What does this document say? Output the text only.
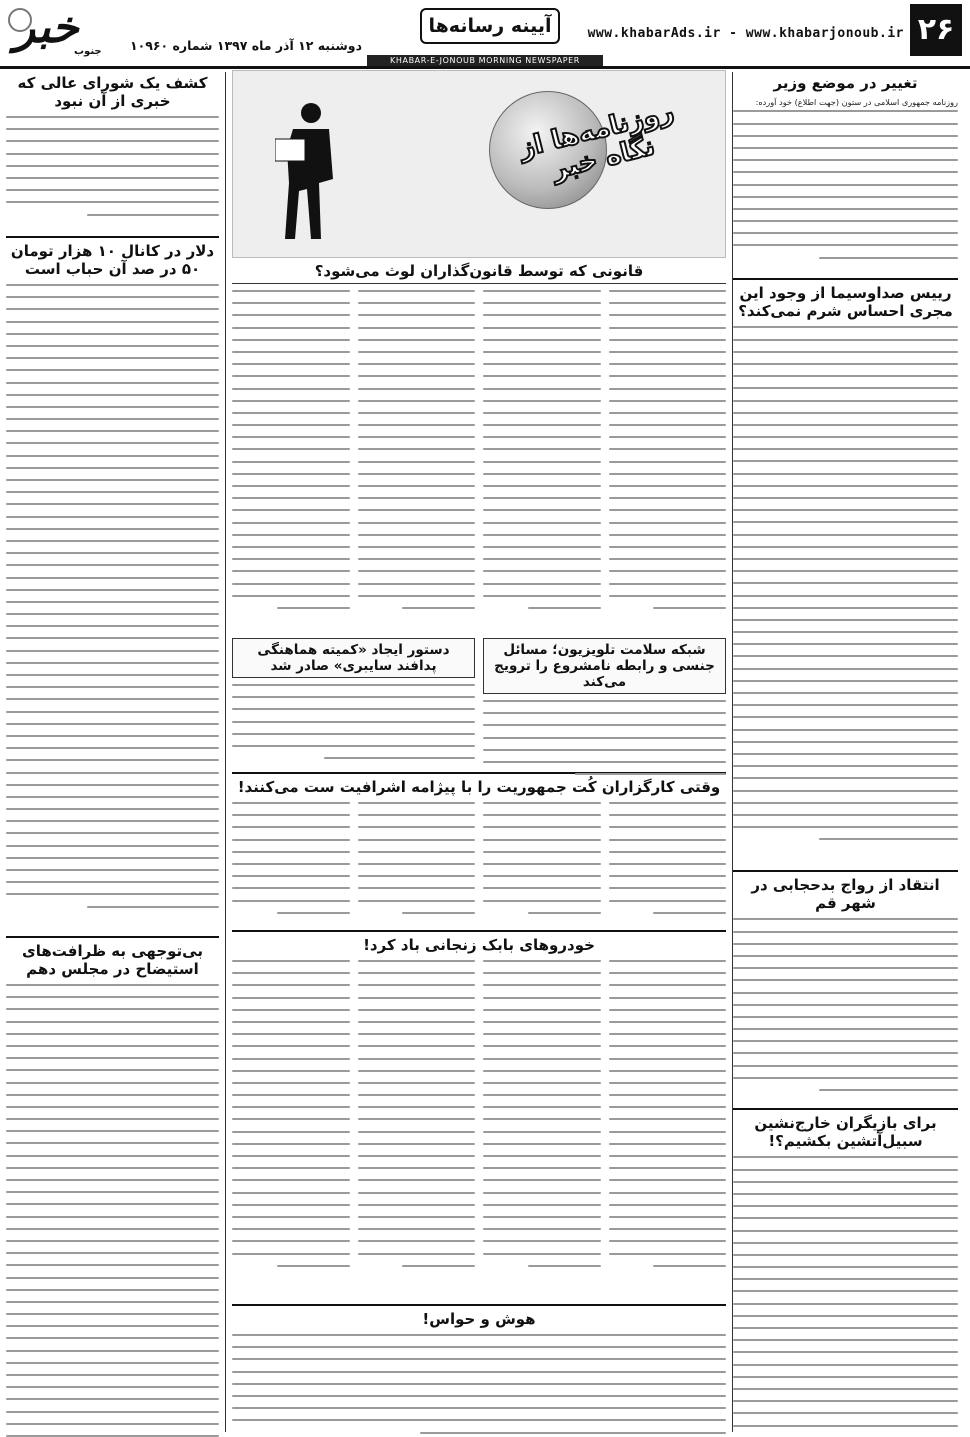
۲۶
www.khabarAds.ir - www.khabarjonoub.ir
آیینه رسانه‌ها
دوشنبه ۱۲ آذر ماه ۱۳۹۷ شماره ۱۰۹۶۰
خبر
جنوب
KHABAR-E-JONOUB MORNING NEWSPAPER
تغییر در موضع وزیر
روزنامه جمهوری اسلامی در ستون (جهت اطلاع) خود آورده:
رییس صداوسیما از وجود این مجری احساس شرم نمی‌کند؟
انتقاد از رواج بدحجابی در شهر قم
برای بازیگران خارج‌نشین سبیل‌آتشین بکشیم؟!
روزنامه‌ها از نگاه خبر
قانونی که توسط قانون‌گذاران لوث می‌شود؟
شبکه سلامت تلویزیون؛ مسائل جنسی و رابطه نامشروع را ترویج می‌کند
دستور ایجاد «کمیته هماهنگی پدافند سایبری» صادر شد
وقتی کارگزاران کُت جمهوریت را با پیژامه اشرافیت ست می‌کنند!
خودروهای بابک زنجانی باد کرد!
هوش و حواس!
کشف یک شورای عالی که خبری از آن نبود
دلار در کانال ۱۰ هزار تومان ۵۰ در صد آن حباب است
بی‌توجهی به ظرافت‌های استیضاح در مجلس دهم
